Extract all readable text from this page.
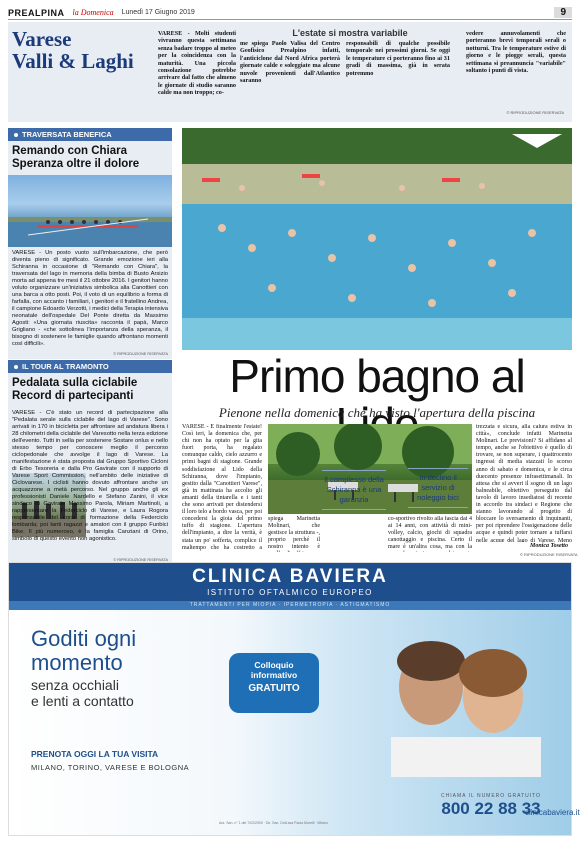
PREALPINA la Domenica Lunedì 17 Giugno 2019	9
Varese
Valli & Laghi
VARESE - Molti studenti vivranno questa settimana senza badare troppo al meteo per la coincidenza con la maturità. Una piccola consolazione potrebbe arrivare dal fatto che almeno le giornate di studio saranno calde ma non troppo; co-
L'estate si mostra variabile
me spiega Paolo Valisa del Centro Geofisico Prealpino infatti, l'anticiclone dal Nord Africa porterà giornate calde e soleggiate ma alcune nuvole provenienti dall'Atlantico saranno
responsabili di qualche possibile temporale nei prossimi giorni. Se oggi le temperature ci porteranno fino ai 31 gradi di massima, già in serata potremmo
vedere annuvolamenti che porteranno brevi temporali serali o notturni. Tra le temperature estive di giorno e le piogge serali, questa settimana si preannuncia "variabile" soltanto i punti di vista.
© RIPRODUZIONE RISERVATA
TRAVERSATA BENEFICA
Remando con Chiara Speranza oltre il dolore
VARESE - Un posto vuoto sull'imbarcazione, che però diventa pieno di significato. Grande emozione ieri alla Schiranna in occasione di "Remando con Chiara", la traversata del lago in memoria della bimba di Busto Arsizio morta ad appena tre mesi il 21 ottobre 2016. I genitori hanno voluto organizzare un'iniziativa simbolica alla Canottieri con una barca a otto posti. Poi, il voto di un equilibrio a forma di farfalla, con accanto i familiari, i genitori e il fratellino Andrea, il campione Edoardo Verzotti, i medici della Terapia intensiva neonatale dell'ospedale Del Ponte diretta da Massimo Agosti: «Una giornata riuscita» racconta il papà, Marco Grigliano - «che sottolinea l'importanza della speranza, il bisogno di sostenere le famiglie quando affrontano momenti così difficili».
© RIPRODUZIONE RISERVATA
IL TOUR AL TRAMONTO
Pedalata sulla ciclabile Record di partecipanti
VARESE - C'è stato un record di partecipazione alla "Pedalata serale sulla ciclabile del lago di Varese". Sono arrivati in 170 in bicicletta per affrontare ad andatura libera i 28 chilometri della ciclabile del Varesotto nella terza edizione dell'evento. Tutti in sella per sostenere Sostare onlus e nello stesso tempo per conoscere meglio il percorso ciclopedonale che avvolge il lago di Varese. La manifestazione è stata proposta dal Gruppo Sportivo Cicloni di Erbo Tesoreria e dalla Pro Gavirate con il supporto di Varese Sport Commission, nell'ambito delle iniziative di Ciclovarese. I ciclisti hanno dovuto affrontare anche un acquazzone a metà percorso. Nel gruppo anche gli ex professionisti Daniele Nardello e Stefano Zanini, il vice sindaco di Gavirate Massimo Parola, Miriam Martinoli, a rappresentare la Federciclo di Varese, e Laura Rogora responsabile del corsi di formazione della Federciclo lombarda; poi tanti ragazzi e amatori con il gruppo Funbici Bike. Il più numeroso, è la famiglia Canziani di Orino, simbolo di questo evento non agonistico.
© RIPRODUZIONE RISERVATA
Primo bagno al
Pienone nella domenica che ha visto l'apertura della piscina
VARESE - È finalmente l'estate! Così ieri, la domenica che, per chi non ha optato per la gita fuori porta, ha regalato comunque caldo, cielo azzurro e primi bagni di stagione. Grande soddisfazione al Lido della Schiranna, dove l'impianto, gestito dalla "Canottieri Varese", già in mattinata ha accolto gli amanti della tintarella e i tanti che sono arrivati per distendersi il loro telo a bordo vasca, per poi concedersi la gioia del primo tuffo di stagione. L'apertura dell'impianto, a dire la verità, è stata un po' sofferta, complice il maltempo che ha costretto a
spiega Marinetta Molinari, che gestisce la struttura -, proprio perché il nostro intento è
Il complesso della Schiranna è una garanzia
co-sportivo rivolto alla fascia dai 4 ai 14 anni, con attività di mini-volley, calcio, giochi di squadra canottaggio e piscina. Certo il mare è un'altra cosa, ma con la
In declino il servizio di noleggio bici
trezzata e sicura, alla calura estiva in città», conclude infatti Marinetta Molinari. Le previsioni? Si affidano al tempo, anche se l'obiettivo è quello di trovare, se non superare, i quattrocento ingressi di media stazzati lo scorso anno di sabato e domenica, e le circa duecento presenze infrasettimanali. In attesa che si avveri il sogno di un lago balneabile, obiettivo perseguito dal tavolo di lavoro insediatosi di recente in accordo tra sindaci e Regione che stanno lavorando al progetto di bloccare lo sversamento di inquinanti, per poi riprendere l'ossigenazione delle acque e quindi poter tornare a tuffarsi nelle acque del lago di Varese. Meno
Monica Tosetto
© RIPRODUZIONE RISERVATA
CLINICA BAVIERA
ISTITUTO OFTALMICO EUROPEO
TRATTAMENTI PER MIOPIA · IPERMETROPIA · ASTIGMATISMO
Goditi ogni
momento
senza occhiali
e lenti a contatto
Colloquio
informativo
GRATUITO
PRENOTA OGGI LA TUA VISITA
MILANO, TORINO, VARESE E BOLOGNA
CHIAMA IL NUMERO GRATUITO
800 22 88 33
clinicabaviera.it
Aut. San. n° 1 del 7/02/2000 · Dir. San. Dott.ssa Paola Morelli · Milano
